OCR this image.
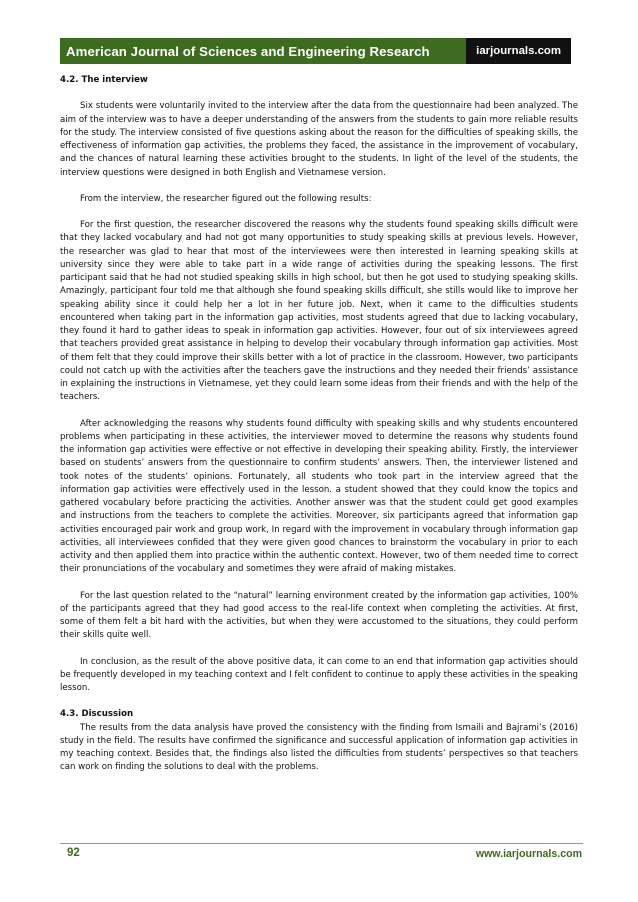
American Journal of Sciences and Engineering Research	iarjournals.com
4.2. The interview

Six students were voluntarily invited to the interview after the data from the questionnaire had been analyzed. The aim of the interview was to have a deeper understanding of the answers from the students to gain more reliable results for the study. The interview consisted of five questions asking about the reason for the difficulties of speaking skills, the effectiveness of information gap activities, the problems they faced, the assistance in the improvement of vocabulary, and the chances of natural learning these activities brought to the students. In light of the level of the students, the interview questions were designed in both English and Vietnamese version.

From the interview, the researcher figured out the following results:

For the first question, the researcher discovered the reasons why the students found speaking skills difficult were that they lacked vocabulary and had not got many opportunities to study speaking skills at previous levels. However, the researcher was glad to hear that most of the interviewees were then interested in learning speaking skills at university since they were able to take part in a wide range of activities during the speaking lessons. The first participant said that he had not studied speaking skills in high school, but then he got used to studying speaking skills. Amazingly, participant four told me that although she found speaking skills difficult, she stills would like to improve her speaking ability since it could help her a lot in her future job. Next, when it came to the difficulties students encountered when taking part in the information gap activities, most students agreed that due to lacking vocabulary, they found it hard to gather ideas to speak in information gap activities. However, four out of six interviewees agreed that teachers provided great assistance in helping to develop their vocabulary through information gap activities. Most of them felt that they could improve their skills better with a lot of practice in the classroom. However, two participants could not catch up with the activities after the teachers gave the instructions and they needed their friends’ assistance in explaining the instructions in Vietnamese, yet they could learn some ideas from their friends and with the help of the teachers.

After acknowledging the reasons why students found difficulty with speaking skills and why students encountered problems when participating in these activities, the interviewer moved to determine the reasons why students found the information gap activities were effective or not effective in developing their speaking ability. Firstly, the interviewer based on students’ answers from the questionnaire to confirm students’ answers. Then, the interviewer listened and took notes of the students’ opinions. Fortunately, all students who took part in the interview agreed that the information gap activities were effectively used in the lesson. a student showed that they could know the topics and gathered vocabulary before practicing the activities. Another answer was that the student could get good examples and instructions from the teachers to complete the activities. Moreover, six participants agreed that information gap activities encouraged pair work and group work, In regard with the improvement in vocabulary through information gap activities, all interviewees confided that they were given good chances to brainstorm the vocabulary in prior to each activity and then applied them into practice within the authentic context. However, two of them needed time to correct their pronunciations of the vocabulary and sometimes they were afraid of making mistakes.

For the last question related to the “natural” learning environment created by the information gap activities, 100% of the participants agreed that they had good access to the real-life context when completing the activities. At first, some of them felt a bit hard with the activities, but when they were accustomed to the situations, they could perform their skills quite well.

In conclusion, as the result of the above positive data, it can come to an end that information gap activities should be frequently developed in my teaching context and I felt confident to continue to apply these activities in the speaking lesson.

4.3. Discussion

The results from the data analysis have proved the consistency with the finding from Ismaili and Bajrami’s (2016) study in the field. The results have confirmed the significance and successful application of information gap activities in my teaching context. Besides that, the findings also listed the difficulties from students’ perspectives so that teachers can work on finding the solutions to deal with the problems.

92	www.iarjournals.com
